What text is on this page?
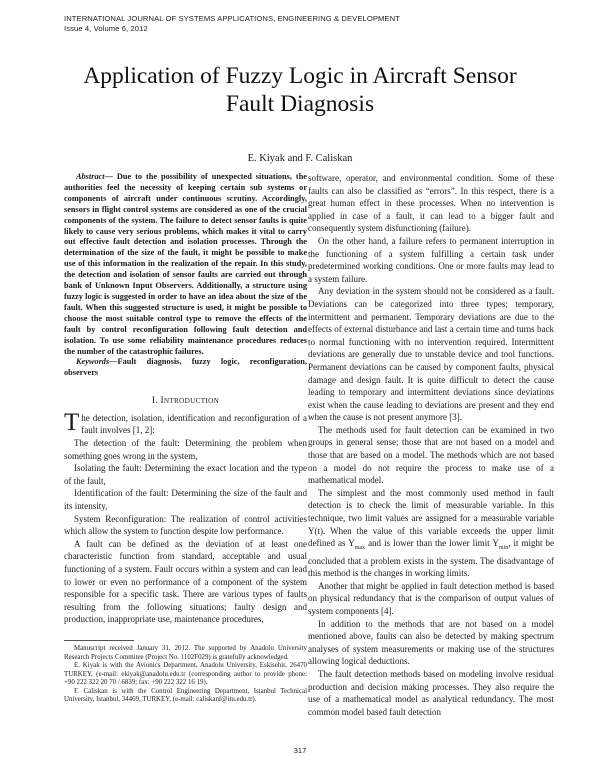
INTERNATIONAL JOURNAL OF SYSTEMS APPLICATIONS, ENGINEERING & DEVELOPMENT
Issue 4, Volume 6, 2012
Application of Fuzzy Logic in Aircraft Sensor
Fault Diagnosis
E. Kiyak and F. Caliskan

Abstract— Due to the possibility of unexpected situations, the authorities feel the necessity of keeping certain sub systems or components of aircraft under continuous scrutiny. Accordingly, sensors in flight control systems are considered as one of the crucial components of the system. The failure to detect sensor faults is quite likely to cause very serious problems, which makes it vital to carry out effective fault detection and isolation processes. Through the determination of the size of the fault, it might be possible to make use of this information in the realization of the repair. In this study, the detection and isolation of sensor faults are carried out through bank of Unknown Input Observers. Additionally, a structure using fuzzy logic is suggested in order to have an idea about the size of the fault. When this suggested structure is used, it might be possible to choose the most suitable control type to remove the effects of the fault by control reconfiguration following fault detection and isolation. To use some reliability maintenance procedures reduces the number of the catastrophic failures.

Keywords—Fault diagnosis, fuzzy logic, reconfiguration, observers

I. INTRODUCTION

The detection, isolation, identification and reconfiguration of a fault involves [1, 2]:

The detection of the fault: Determining the problem when something goes wrong in the system,

Isolating the fault: Determining the exact location and the type of the fault,

Identification of the fault: Determining the size of the fault and its intensity,

System Reconfiguration: The realization of control activities which allow the system to function despite low performance.

A fault can be defined as the deviation of at least one characteristic function from standard, acceptable and usual functioning of a system. Fault occurs within a system and can lead to lower or even no performance of a component of the system responsible for a specific task. There are various types of faults resulting from the following situations; faulty design and production, inappropriate use, maintenance procedures,

Manuscript received January 31, 2012. The supported by Anadolu University Research Projects Commitee (Project No. 1102F029) is gratefully acknowledged.

E. Kiyak is with the Avionics Department, Anadolu University, Eskisehir, 26470 TURKEY, (e-mail: ekiyak@anadolu.edu.tr (corresponding author to provide phone: +90 222 322 20 70 / 6839; fax: +90 222 322 16 19).

F. Caliskan is with the Control Engineering Department, Istanbul Technical University, Istanbul, 34469, TURKEY, (e-mail: caliskanf@itu.edu.tr).

software, operator, and environmental condition. Some of these faults can also be classified as “errors”. In this respect, there is a great human effect in these processes. When no intervention is applied in case of a fault, it can lead to a bigger fault and consequently system disfunctioning (failure).

On the other hand, a failure refers to permanent interruption in the functioning of a system fulfilling a certain task under predetermined working conditions. One or more faults may lead to a system failure.

Any deviation in the system should not be considered as a fault. Deviations can be categorized into three types; temporary, intermittent and permanent. Temporary deviations are due to the effects of external disturbance and last a certain time and turns back to normal functioning with no intervention required. Intermittent deviations are generally due to unstable device and tool functions. Permanent deviations can be caused by component faults, physical damage and design fault. It is quite difficult to detect the cause leading to temporary and intermittent deviations since deviations exist when the cause leading to deviations are present and they end when the cause is not present anymore [3].

The methods used for fault detection can be examined in two groups in general sense; those that are not based on a model and those that are based on a model. The methods which are not based on a model do not require the process to make use of a mathematical model.

The simplest and the most commonly used method in fault detection is to check the limit of measurable variable. In this technique, two limit values are assigned for a measurable variable Y(t). When the value of this variable exceeds the upper limit defined as $Y_{max}$ and is lower than the lower limit $Y_{min}$, it might be concluded that a problem exists in the system. The disadvantage of this method is the changes in working limits.

Another that might be applied in fault detection method is based on physical redundancy that is the comparison of output values of system components [4].

In addition to the methods that are not based on a model mentioned above, faults can also be detected by making spectrum analyses of system measurements or making use of the structures allowing logical deductions.

The fault detection methods based on modeling involve residual production and decision making processes. They also require the use of a mathematical model as analytical redundancy. The most common model based fault detection

317
